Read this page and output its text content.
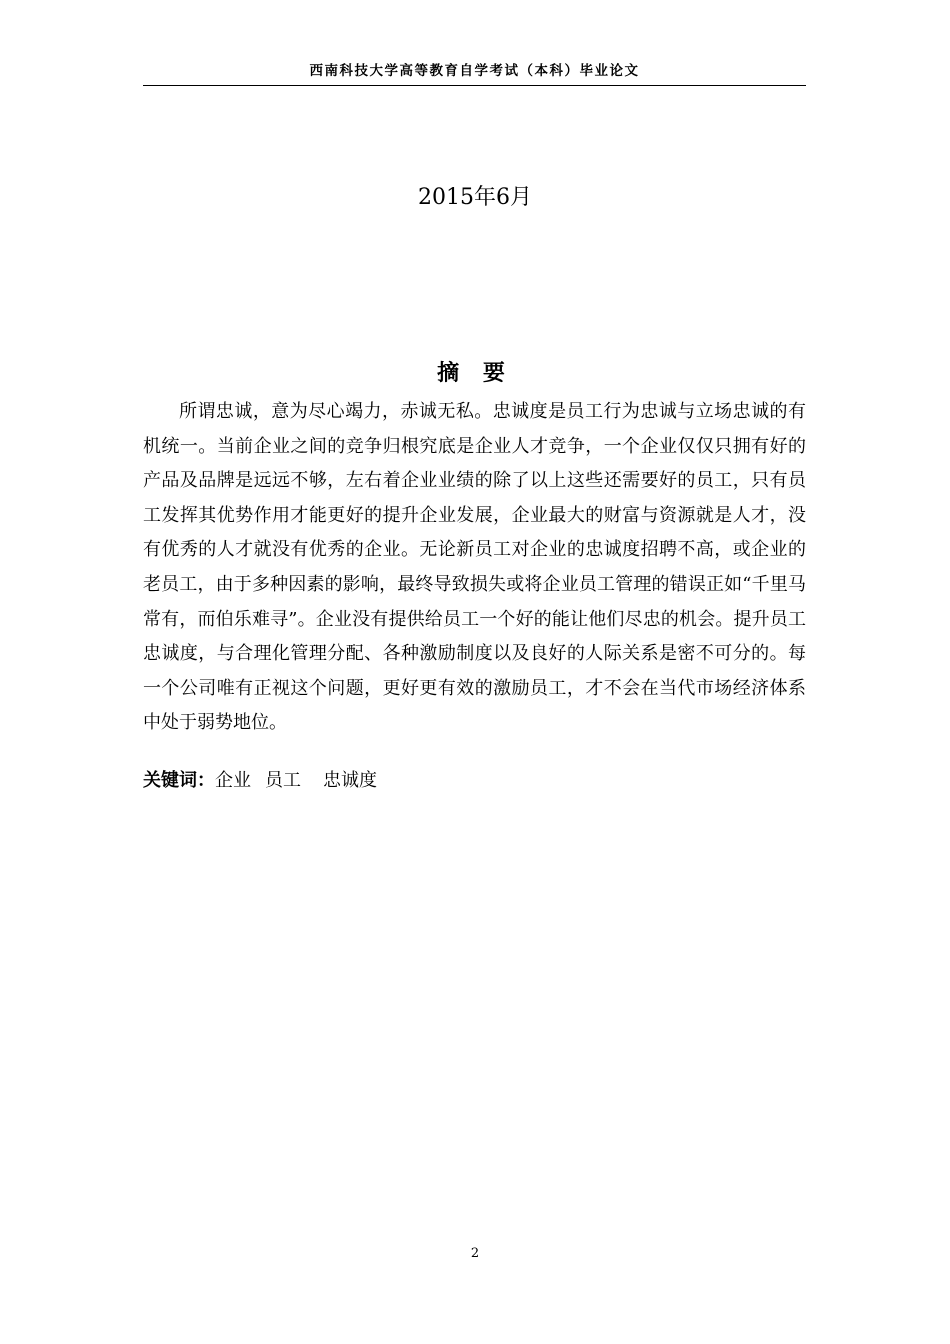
西南科技大学高等教育自学考试（本科）毕业论文
2015年6月
摘 要

所谓忠诚，意为尽心竭力，赤诚无私。忠诚度是员工行为忠诚与立场忠诚的有机统一。当前企业之间的竞争归根究底是企业人才竞争，一个企业仅仅只拥有好的产品及品牌是远远不够，左右着企业业绩的除了以上这些还需要好的员工，只有员工发挥其优势作用才能更好的提升企业发展，企业最大的财富与资源就是人才，没有优秀的人才就没有优秀的企业。无论新员工对企业的忠诚度招聘不高，或企业的老员工，由于多种因素的影响，最终导致损失或将企业员工管理的错误正如“千里马常有，而伯乐难寻”。企业没有提供给员工一个好的能让他们尽忠的机会。提升员工忠诚度，与合理化管理分配、各种激励制度以及良好的人际关系是密不可分的。每一个公司唯有正视这个问题，更好更有效的激励员工，才不会在当代市场经济体系中处于弱势地位。

关键词：企业 员工 忠诚度
2
